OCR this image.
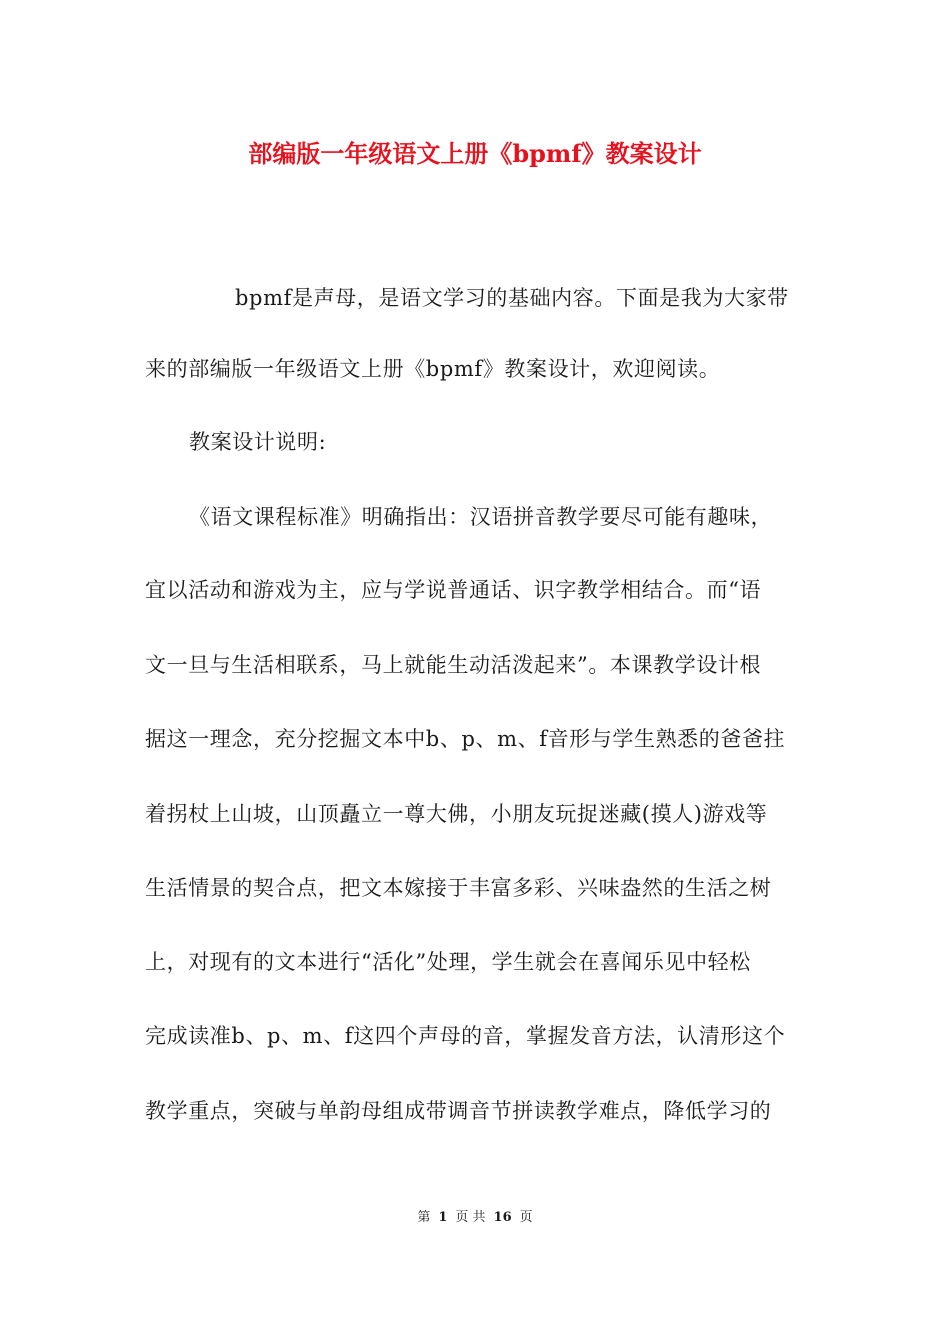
部编版一年级语文上册《bpmf》教案设计
bpmf是声母，是语文学习的基础内容。下面是我为大家带
来的部编版一年级语文上册《bpmf》教案设计，欢迎阅读。
教案设计说明:
《语文课程标准》明确指出：汉语拼音教学要尽可能有趣味，
宜以活动和游戏为主，应与学说普通话、识字教学相结合。而“语
文一旦与生活相联系，马上就能生动活泼起来”。本课教学设计根
据这一理念，充分挖掘文本中b、p、m、f音形与学生熟悉的爸爸拄
着拐杖上山坡，山顶矗立一尊大佛，小朋友玩捉迷藏(摸人)游戏等
生活情景的契合点，把文本嫁接于丰富多彩、兴味盎然的生活之树
上，对现有的文本进行“活化”处理，学生就会在喜闻乐见中轻松
完成读准b、p、m、f这四个声母的音，掌握发音方法，认清形这个
教学重点，突破与单韵母组成带调音节拼读教学难点，降低学习的
第 1 页 共 16 页
